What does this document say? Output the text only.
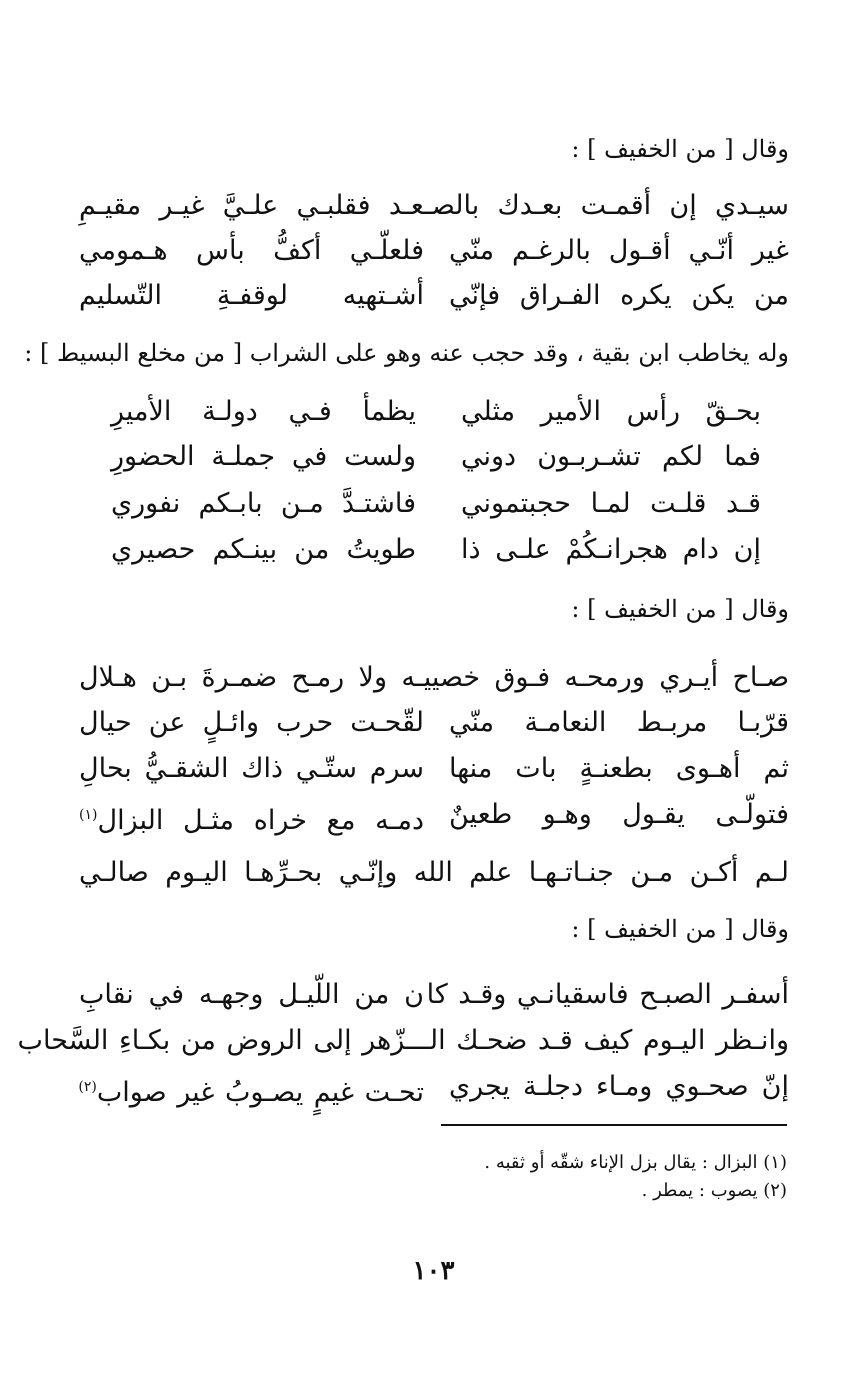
وقال [ من الخفيف ] :
سيـدي إن أقمـت بعـدك بالصـعـد فقلبـي علـيَّ غيـر مقيـمِ
غير أنّـي أقـول بالرغـم منّي
فلعلّـي أكفُّ بأس هـمومي
من يكن يكره الفـراق فإنّي
أشـتهيه لوقفـةِ التّسليم
وله يخاطب ابن بقية ، وقد حجب عنه وهو على الشراب [ من مخلع البسيط ] :
بحـقّ رأس الأمير مثلي
يظمأ فـي دولـة الأميرِ
فما لكم تشـربـون دوني
ولست في جملـة الحضورِ
قـد قلـت لمـا حجبتموني
فاشتـدَّ مـن بابـكم نفوري
إن دام هجرانـكُمْ علـى ذا
طويتُ من بينـكم حصيري
وقال [ من الخفيف ] :
صـاح أيـري ورمحـه فـوق خصييـه ولا رمـح ضمـرةَ بـن هـلال
قرّبـا مربـط النعامـة منّي
لقّحـت حرب وائـلٍ عن حيال
ثم أهـوى بطعنـةٍ بات منها
سرم ستّـي ذاك الشقـيُّ بحالِ
فتولّـى يقـول وهـو طعينٌ
دمـه مع خراه مثـل البزال$^{(١)}$
لـم أكـن مـن جنـاتـهـا علم الله وإنّـي بحـرِّهـا اليـوم صالـي
وقال [ من الخفيف ] :
أسفـر الصبـح فاسقيانـي وقـد كا
ن من اللّيـل وجهـه في نقابِ
وانـظر اليـوم كيف قـد ضحـك الـــزّهر إلى الروض من بكـاءِ السَّحاب
إنّ صحـوي ومـاء دجلـة يجري
تحـت غيمٍ يصـوبُ غير صواب$^{(٢)}$
(١) البزال : يقال بزل الإناء شقّه أو ثقبه .
(٢) يصوب : يمطر .
١٠٣
